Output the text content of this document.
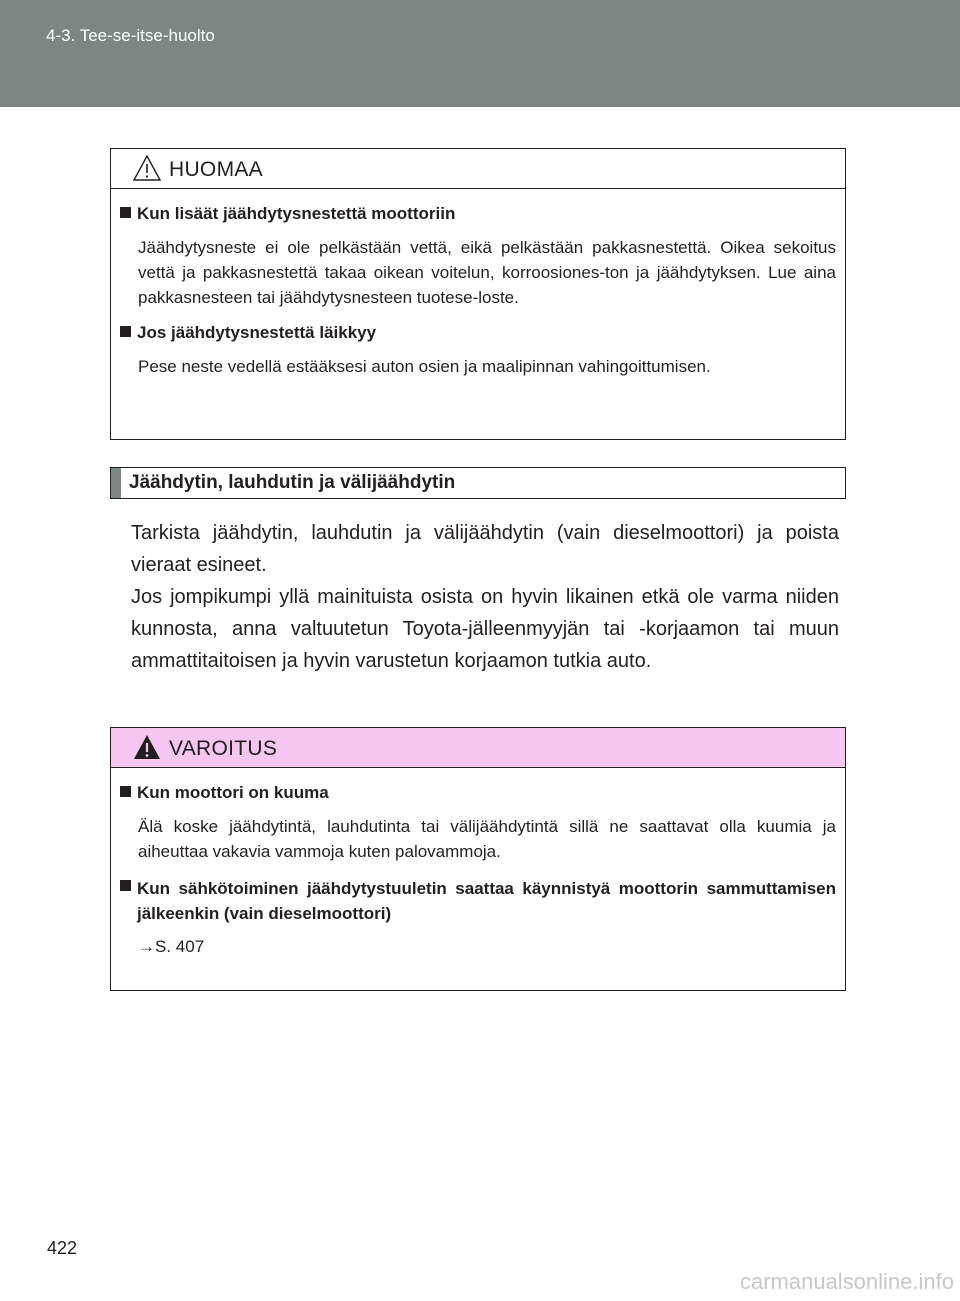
4-3. Tee-se-itse-huolto
HUOMAA
Kun lisäät jäähdytysnestettä moottoriin
Jäähdytysneste ei ole pelkästään vettä, eikä pelkästään pakkasnestettä. Oikea sekoitus vettä ja pakkasnestettä takaa oikean voitelun, korroosiones-ton ja jäähdytyksen. Lue aina pakkasnesteen tai jäähdytysnesteen tuotese-loste.
Jos jäähdytysnestettä läikkyy
Pese neste vedellä estääksesi auton osien ja maalipinnan vahingoittumisen.
Jäähdytin, lauhdutin ja välijäähdytin

Tarkista jäähdytin, lauhdutin ja välijäähdytin (vain dieselmoottori) ja poista vieraat esineet.

Jos jompikumpi yllä mainituista osista on hyvin likainen etkä ole varma niiden kunnosta, anna valtuutetun Toyota-jälleenmyyjän tai -korjaamon tai muun ammattitaitoisen ja hyvin varustetun korjaamon tutkia auto.

VAROITUS
Kun moottori on kuuma
Älä koske jäähdytintä, lauhdutinta tai välijäähdytintä sillä ne saattavat olla kuumia ja aiheuttaa vakavia vammoja kuten palovammoja.
Kun sähkötoiminen jäähdytystuuletin saattaa käynnistyä moottorin sammuttamisen jälkeenkin (vain dieselmoottori)
→S. 407
422
carmanualsonline.info
